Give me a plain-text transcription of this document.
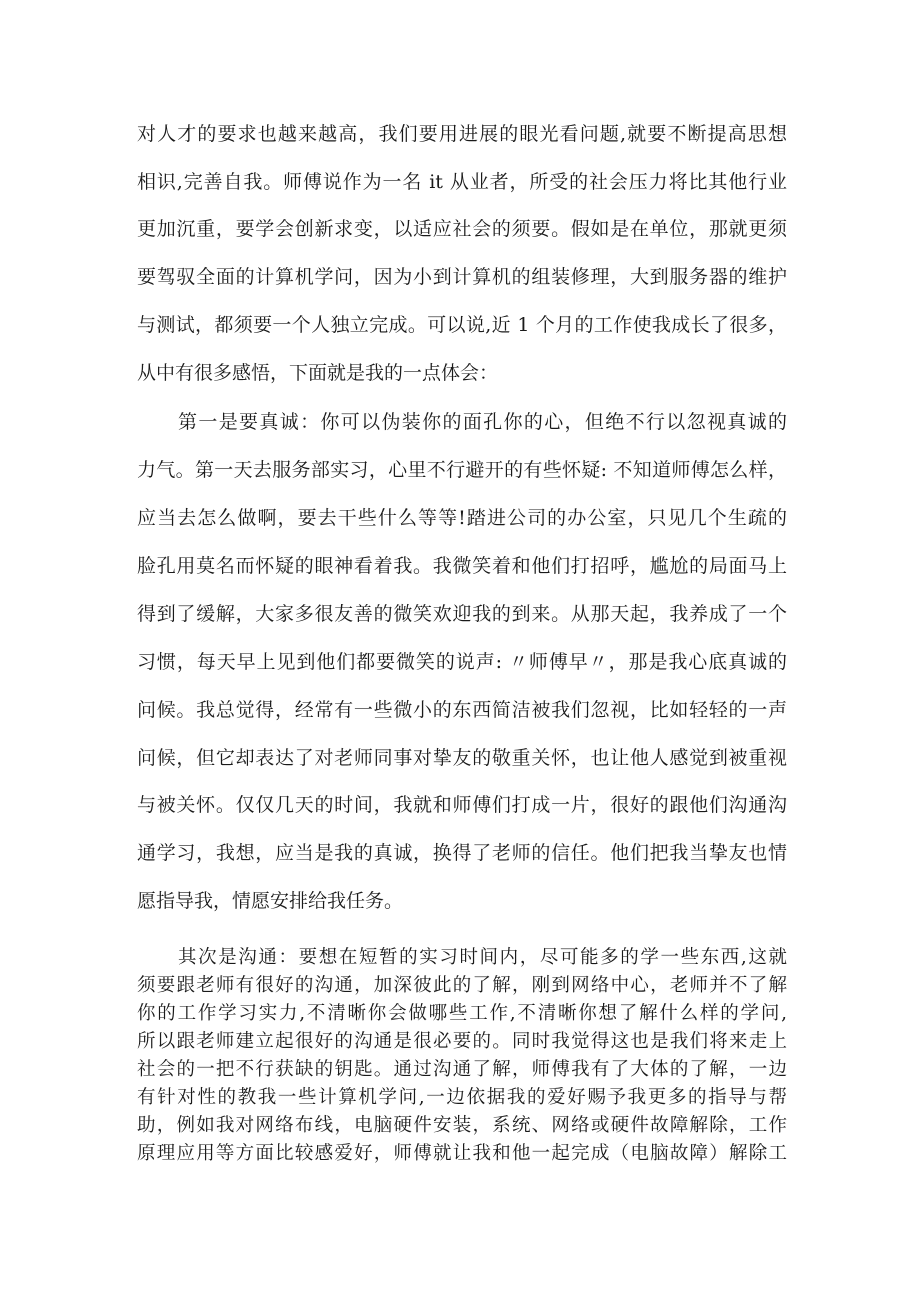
对人才的要求也越来越高，我们要用进展的眼光看问题,就要不断提高思想
相识,完善自我。师傅说作为一名 it 从业者，所受的社会压力将比其他行业
更加沉重，要学会创新求变，以适应社会的须要。假如是在单位，那就更须
要驾驭全面的计算机学问，因为小到计算机的组装修理，大到服务器的维护
与测试，都须要一个人独立完成。可以说,近 1 个月的工作使我成长了很多，
从中有很多感悟，下面就是我的一点体会：
第一是要真诚：你可以伪装你的面孔你的心，但绝不行以忽视真诚的
力气。第一天去服务部实习，心里不行避开的有些怀疑: 不知道师傅怎么样，
应当去怎么做啊，要去干些什么等等!踏进公司的办公室，只见几个生疏的
脸孔用莫名而怀疑的眼神看着我。我微笑着和他们打招呼，尴尬的局面马上
得到了缓解，大家多很友善的微笑欢迎我的到来。从那天起，我养成了一个
习惯，每天早上见到他们都要微笑的说声: 〃师傅早〃，那是我心底真诚的
问候。我总觉得，经常有一些微小的东西简洁被我们忽视，比如轻轻的一声
问候，但它却表达了对老师同事对挚友的敬重关怀，也让他人感觉到被重视
与被关怀。仅仅几天的时间，我就和师傅们打成一片，很好的跟他们沟通沟
通学习，我想，应当是我的真诚，换得了老师的信任。他们把我当挚友也情
愿指导我，情愿安排给我任务。
其次是沟通：要想在短暂的实习时间内，尽可能多的学一些东西,这就
须要跟老师有很好的沟通，加深彼此的了解，刚到网络中心，老师并不了解
你的工作学习实力,不清晰你会做哪些工作,不清晰你想了解什么样的学问,
所以跟老师建立起很好的沟通是很必要的。同时我觉得这也是我们将来走上
社会的一把不行获缺的钥匙。通过沟通了解，师傅我有了大体的了解，一边
有针对性的教我一些计算机学问,一边依据我的爱好赐予我更多的指导与帮
助，例如我对网络布线，电脑硬件安装，系统、网络或硬件故障解除，工作
原理应用等方面比较感爱好，师傅就让我和他一起完成（电脑故障）解除工
